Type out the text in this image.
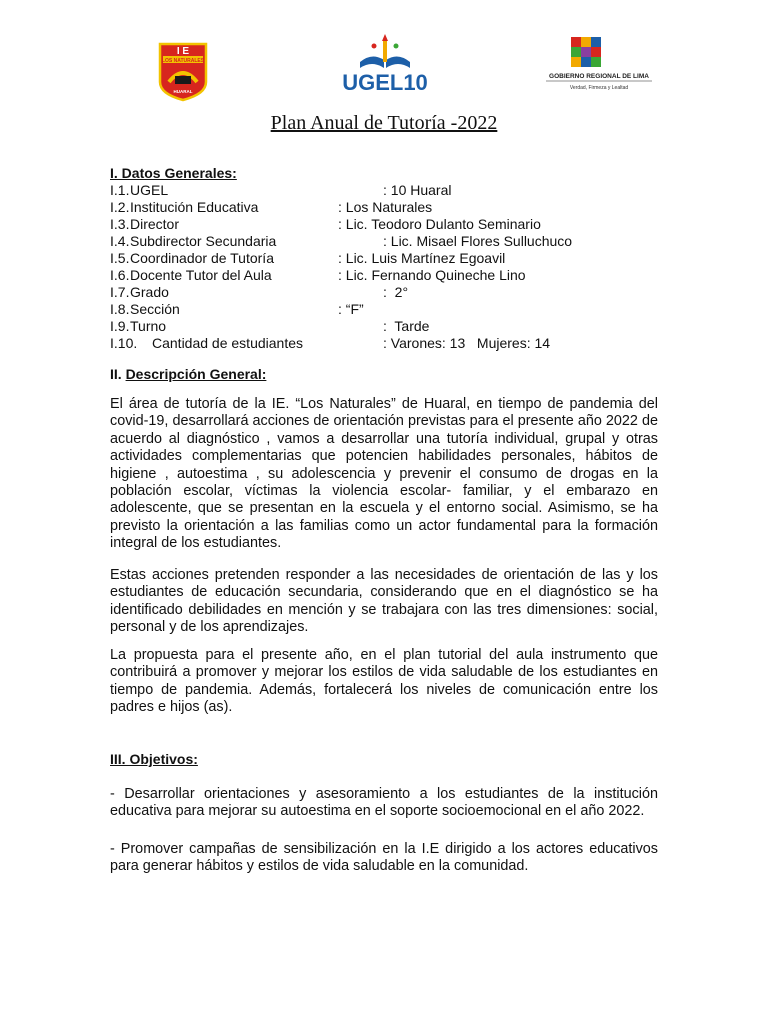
I E
LOS NATURALES
HUARAL	UGEL10	GOBIERNO REGIONAL DE LIMA
Verdad, Firmeza y Lealtad
Plan Anual de Tutoría -2022
I. Datos Generales:
I.1. UGEL	: 10 Huaral
I.2. Institución Educativa	: Los Naturales
I.3. Director	: Lic. Teodoro Dulanto Seminario
I.4. Subdirector Secundaria	: Lic. Misael Flores Sulluchuco
I.5. Coordinador de Tutoría	: Lic. Luis Martínez Egoavil
I.6. Docente Tutor del Aula	: Lic. Fernando Quineche Lino
I.7. Grado	:  2°
I.8. Sección	: “F”
I.9. Turno	:  Tarde
I.10. Cantidad de estudiantes	: Varones: 13   Mujeres: 14
II. Descripción General:

El área de tutoría de la IE. “Los Naturales” de Huaral, en tiempo de pandemia del covid-19, desarrollará acciones de orientación previstas para el presente año 2022 de acuerdo al diagnóstico , vamos a desarrollar una tutoría individual, grupal y otras actividades complementarias que potencien habilidades personales, hábitos de higiene , autoestima , su adolescencia y prevenir el consumo de drogas en la población escolar, víctimas la violencia escolar- familiar, y el embarazo en adolescente, que se presentan en la escuela y el entorno social. Asimismo, se ha previsto la orientación a las familias como un actor fundamental para la formación integral de los estudiantes.

Estas acciones pretenden responder a las necesidades de orientación de las y los estudiantes de educación secundaria, considerando que en el diagnóstico se ha identificado debilidades en mención y se trabajara con las tres dimensiones: social, personal y de los aprendizajes.

La propuesta para el presente año, en el plan tutorial del aula instrumento que contribuirá a promover y mejorar los estilos de vida saludable de los estudiantes en tiempo de pandemia. Además, fortalecerá los niveles de comunicación entre los padres e hijos (as).

III. Objetivos:

- Desarrollar orientaciones y asesoramiento a los estudiantes de la institución educativa para mejorar su autoestima en el soporte socioemocional en el año 2022.

- Promover campañas de sensibilización en la I.E dirigido a los actores educativos para generar hábitos y estilos de vida saludable en la comunidad.
